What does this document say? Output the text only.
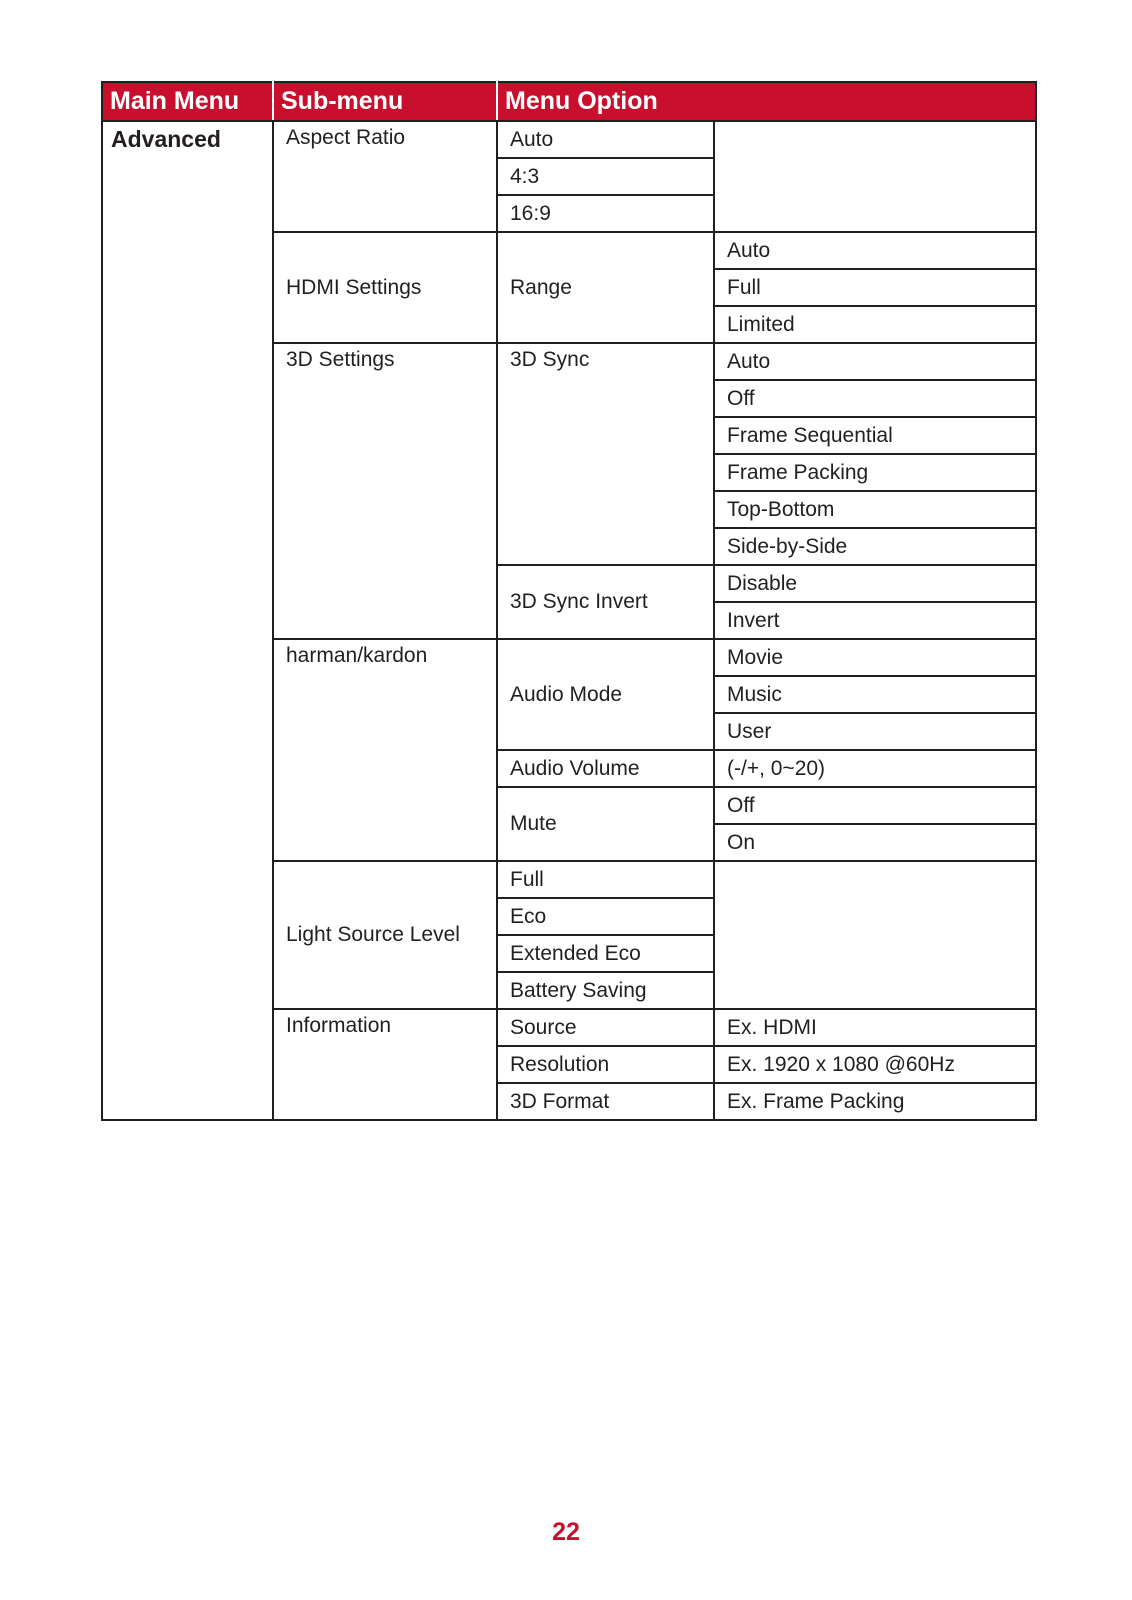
Main Menu	Sub-menu	Menu Option	
Advanced	Aspect Ratio	Auto	
		4:3	
		16:9	
	HDMI Settings	Range	Auto
			Full
			Limited
	3D Settings	3D Sync	Auto
			Off
			Frame Sequential
			Frame Packing
			Top-Bottom
			Side-by-Side
		3D Sync Invert	Disable
			Invert
	harman/kardon	Audio Mode	Movie
			Music
			User
		Audio Volume	(-/+, 0~20)
		Mute	Off
			On
	Light Source Level	Full	
		Eco	
		Extended Eco	
		Battery Saving	
	Information	Source	Ex. HDMI
		Resolution	Ex. 1920 x 1080 @60Hz
		3D Format	Ex. Frame Packing
22
